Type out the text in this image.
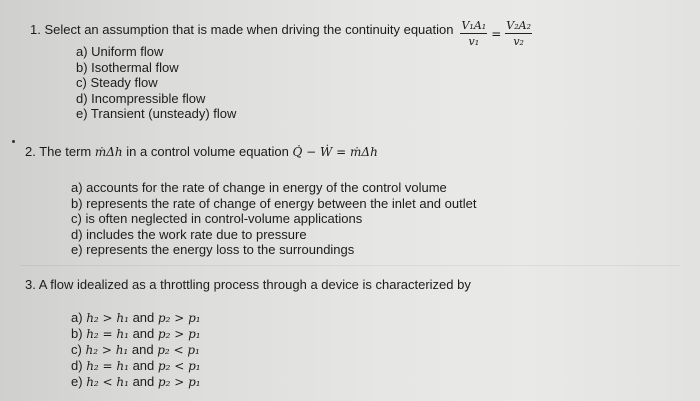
1. Select an assumption that is made when driving the continuity equation $\frac{\text{V₁A₁}}{\text{v₁}} = \frac{\text{V₂A₂}}{\text{v₂}}$
a) Uniform flow
b) Isothermal flow
c) Steady flow
d) Incompressible flow
e) Transient (unsteady) flow
2. The term ṁΔh in a control volume equation Q̇ − Ẇ = ṁΔh
a) accounts for the rate of change in energy of the control volume
b) represents the rate of change of energy between the inlet and outlet
c) is often neglected in control-volume applications
d) includes the work rate due to pressure
e) represents the energy loss to the surroundings
3. A flow idealized as a throttling process through a device is characterized by
a) h₂ > h₁ and p₂ > p₁
b) h₂ = h₁ and p₂ > p₁
c) h₂ > h₁ and p₂ < p₁
d) h₂ = h₁ and p₂ < p₁
e) h₂ < h₁ and p₂ > p₁
